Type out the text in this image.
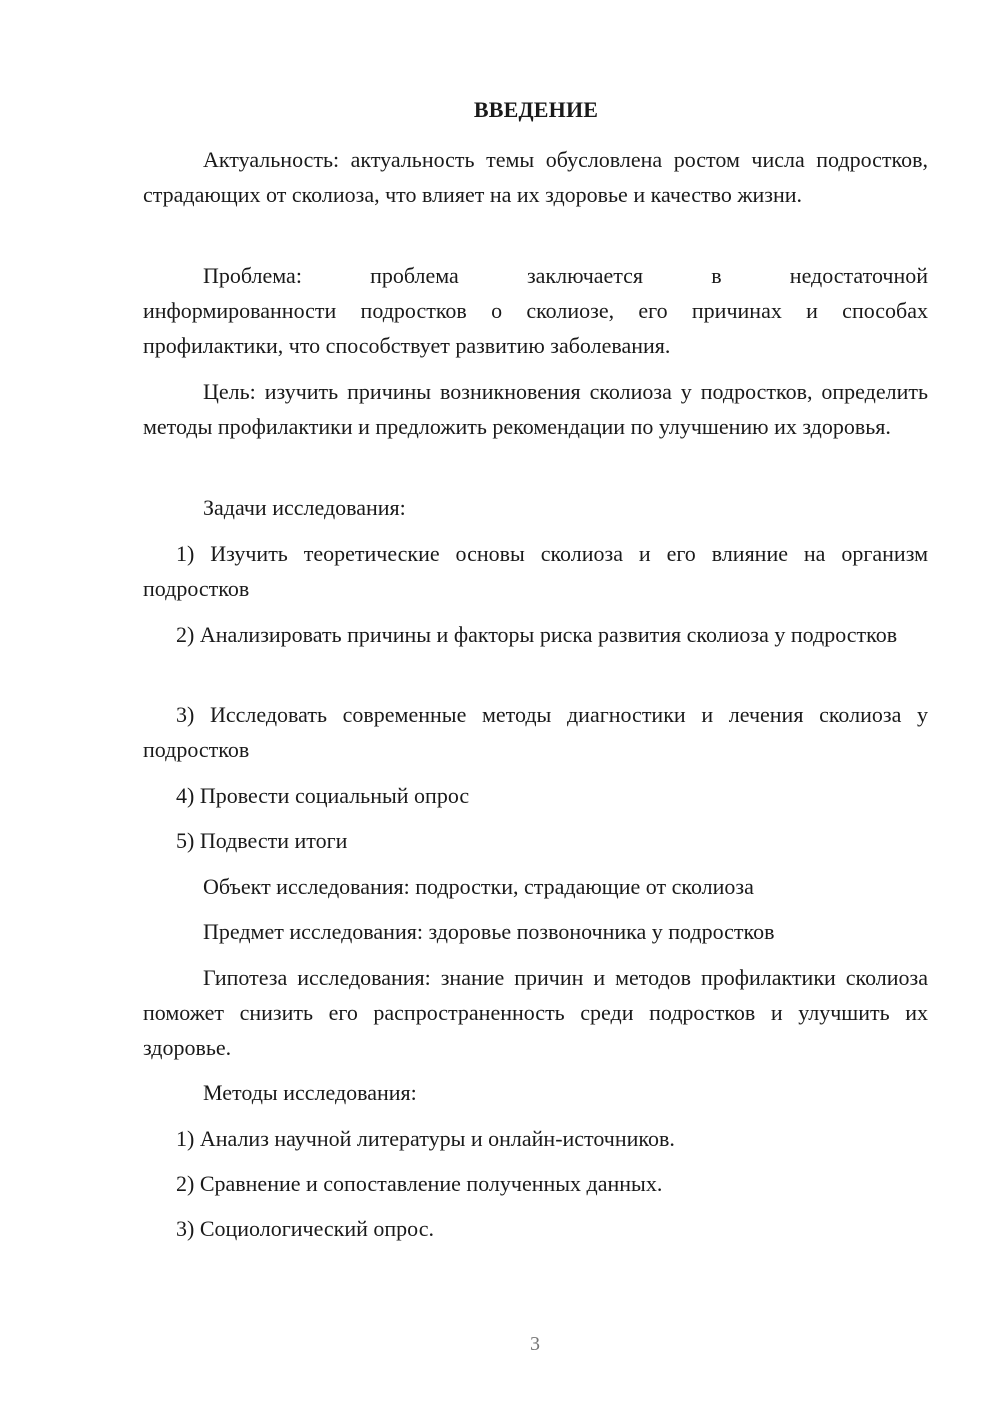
ВВЕДЕНИЕ

Актуальность: актуальность темы обусловлена ростом числа подростков, страдающих от сколиоза, что влияет на их здоровье и качество жизни.

Проблема: проблема заключается в недостаточной

информированности подростков о сколиозе, его причинах и способах профилактики, что способствует развитию заболевания.

Цель: изучить причины возникновения сколиоза у подростков, определить методы профилактики и предложить рекомендации по улучшению их здоровья.

Задачи исследования:

1) Изучить теоретические основы сколиоза и его влияние на организм подростков

2) Анализировать причины и факторы риска развития сколиоза у подростков

3) Исследовать современные методы диагностики и лечения сколиоза у подростков

4) Провести социальный опрос

5) Подвести итоги

Объект исследования: подростки, страдающие от сколиоза

Предмет исследования: здоровье позвоночника у подростков

Гипотеза исследования: знание причин и методов профилактики сколиоза поможет снизить его распространенность среди подростков и улучшить их здоровье.

Методы исследования:

1) Анализ научной литературы и онлайн-источников.

2) Сравнение и сопоставление полученных данных.

3) Социологический опрос.

3
